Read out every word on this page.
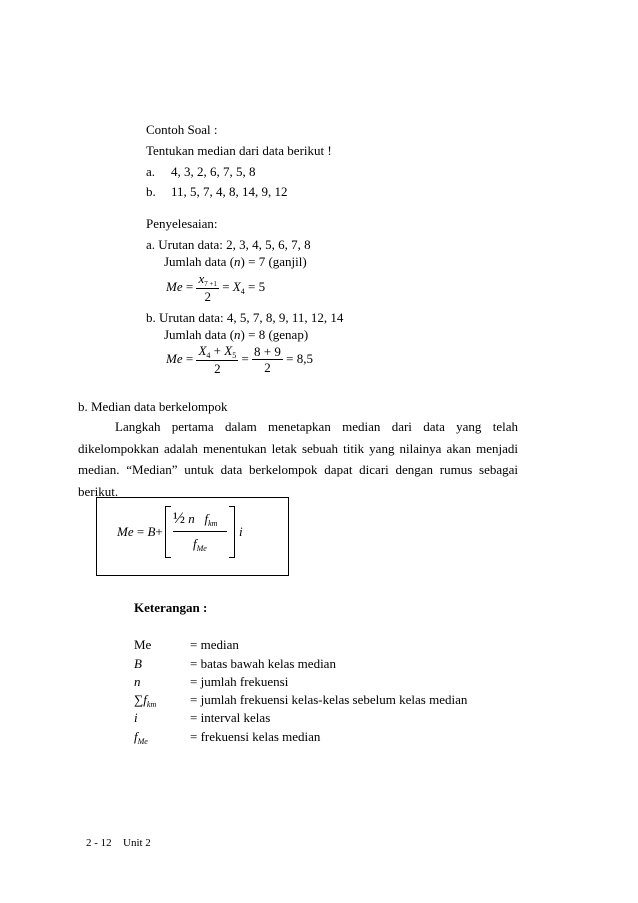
Contoh Soal :
Tentukan median dari data berikut !
a. 4, 3, 2, 6, 7, 5, 8
b. 11, 5, 7, 4, 8, 14, 9, 12
Penyelesaian:
a. Urutan data: 2, 3, 4, 5, 6, 7, 8
Jumlah data (n) = 7 (ganjil)
$Me = \frac{x_{7 +1}}{2} = X_4 = 5$
b. Urutan data: 4, 5, 7, 8, 9, 11, 12, 14
Jumlah data (n) = 8 (genap)
$Me = \frac{X_4 + X_5}{2} = \frac{8 + 9}{2} = 8,5$
b. Median data berkelompok
Langkah pertama dalam menetapkan median dari data yang telah dikelompokkan adalah menentukan letak sebuah titik yang nilainya akan menjadi median. “Median” untuk data berkelompok dapat dicari dengan rumus sebagai berikut.
Me = B+
½ n $f_{km}$
$f_{Me}$
i
Keterangan :
Me	= median
B	= batas bawah kelas median
n	= jumlah frekuensi
$\sum f_{km}$	= jumlah frekuensi kelas-kelas sebelum kelas median
i	= interval kelas
$f_{Me}$	= frekuensi kelas median
2 - 12 Unit 2
